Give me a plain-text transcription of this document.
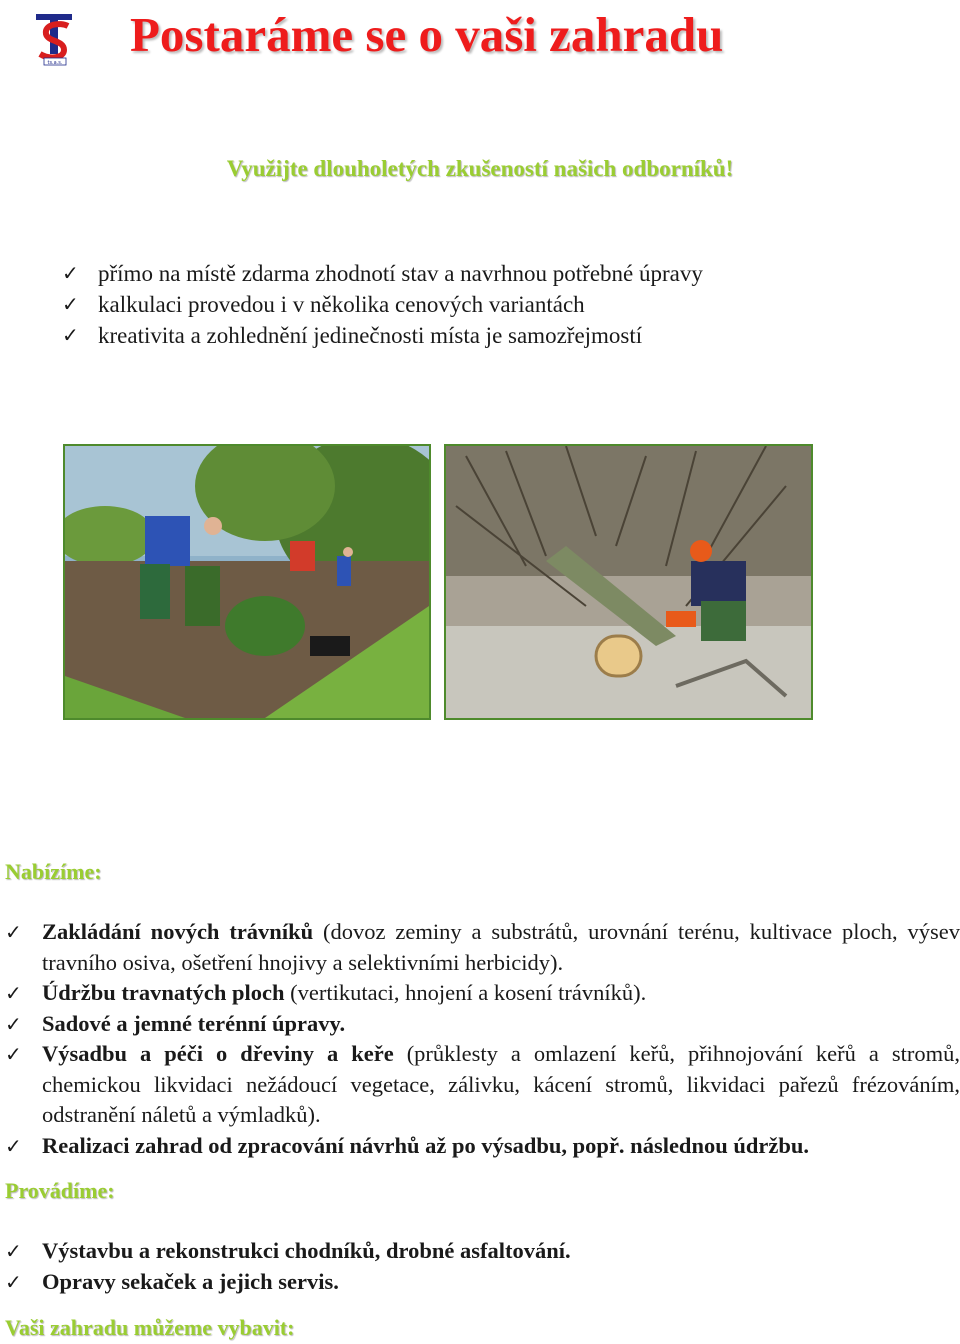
ts.a.s.
Postaráme se o vaši zahradu
Využijte dlouholetých zkušeností našich odborníků!
✓ přímo na místě zdarma zhodnotí stav a navrhnou potřebné úpravy
✓ kalkulaci provedou i v několika cenových variantách
✓ kreativita a zohlednění jedinečnosti místa je samozřejmostí
Nabízíme:
✓ Zakládání nových trávníků (dovoz zeminy a substrátů, urovnání terénu, kultivace ploch, výsev travního osiva, ošetření hnojivy a selektivními herbicidy).
✓ Údržbu travnatých ploch (vertikutaci, hnojení a kosení trávníků).
✓ Sadové a jemné terénní úpravy.
✓ Výsadbu a péči o dřeviny a keře (průklesty a omlazení keřů, přihnojování keřů a stromů, chemickou likvidaci nežádoucí vegetace, zálivku, kácení stromů, likvidaci pařezů frézováním, odstranění náletů a výmladků).
✓ Realizaci zahrad od zpracování návrhů až po výsadbu, popř. následnou údržbu.
Provádíme:
✓ Výstavbu a rekonstrukci chodníků, drobné asfaltování.
✓ Opravy sekaček a jejich servis.
Vaši zahradu můžeme vybavit:
